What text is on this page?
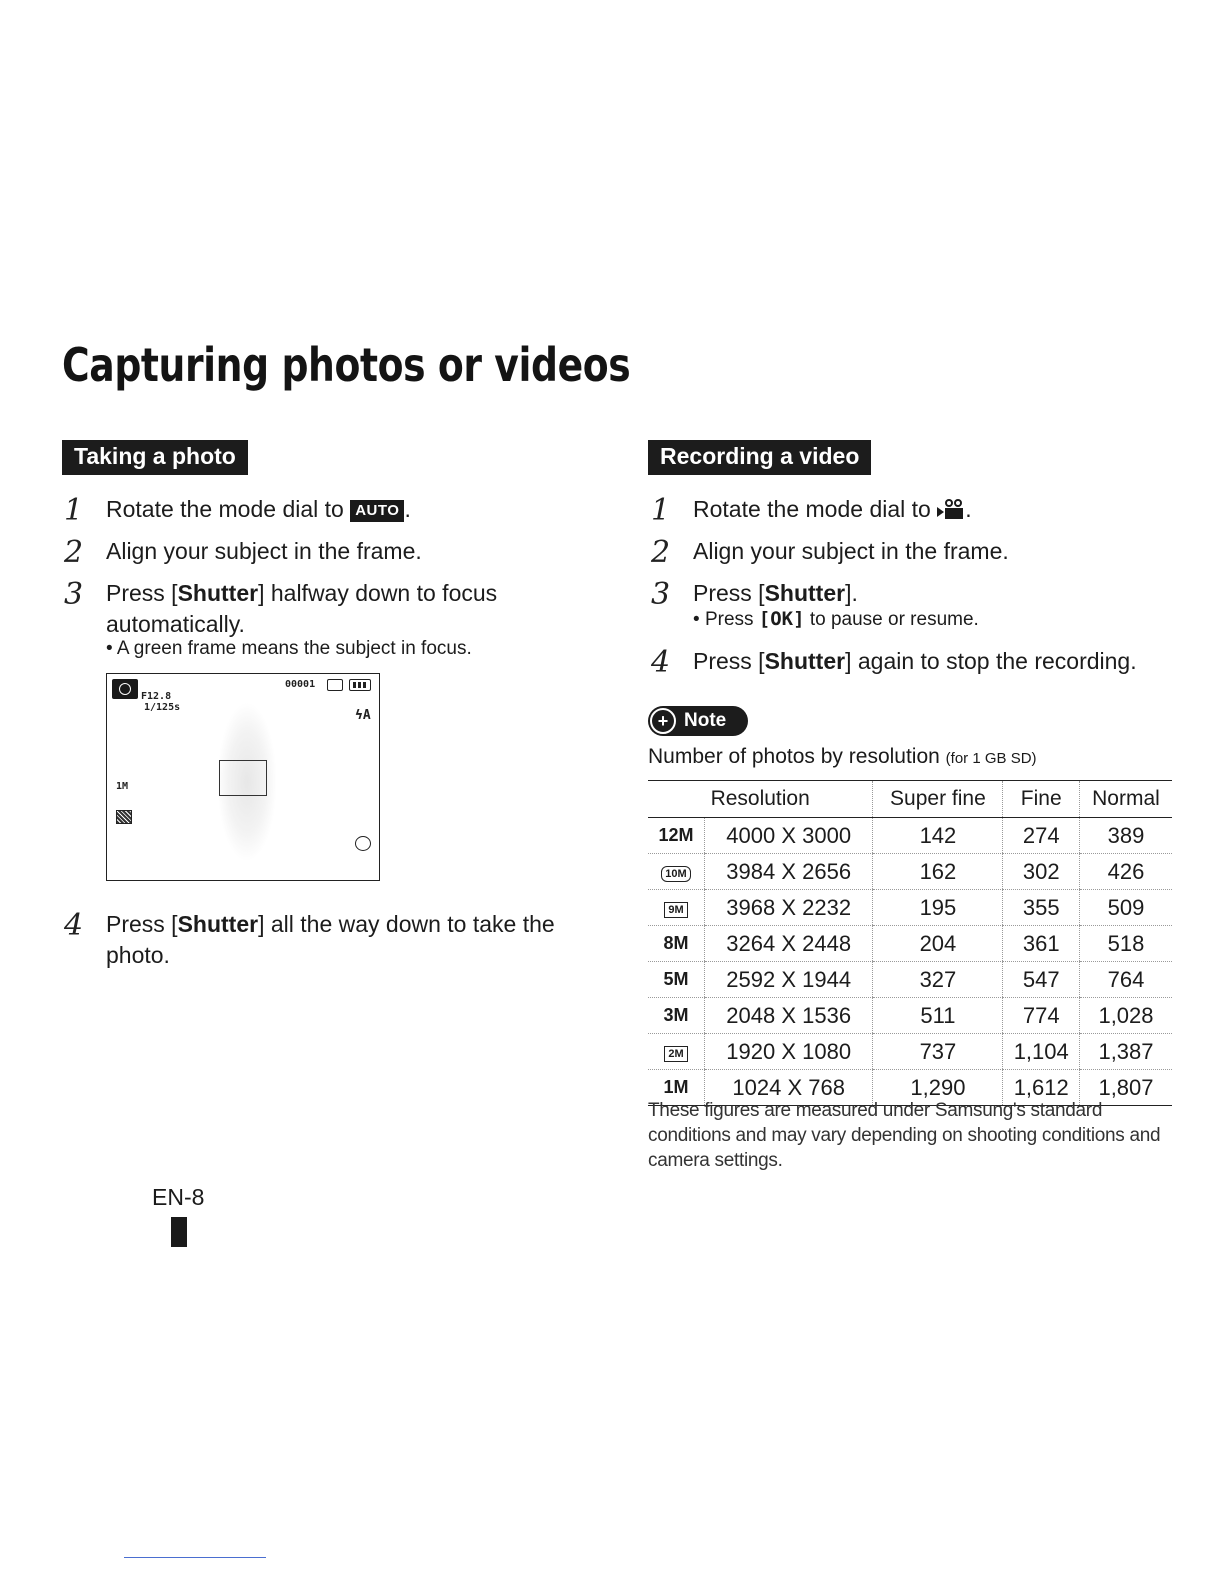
Capturing photos or videos
Taking a photo
1 Rotate the mode dial to AUTO .
2 Align your subject in the frame.
3 Press [Shutter] halfway down to focus automatically.
• A green frame means the subject in focus.
F12.8
1/125s
00001
ϟA
1M
4 Press [Shutter] all the way down to take the photo.
EN-8
Recording a video
1 Rotate the mode dial to
.
2 Align your subject in the frame.
3 Press [Shutter].
• Press [OK] to pause or resume.
4 Press [Shutter] again to stop the recording.
+ Note
Number of photos by resolution (for 1 GB SD)
Resolution		Super fine	Fine	Normal
12M	4000 X 3000	142	274	389
10M	3984 X 2656	162	302	426
9M	3968 X 2232	195	355	509
8M	3264 X 2448	204	361	518
5M	2592 X 1944	327	547	764
3M	2048 X 1536	511	774	1,028
2M	1920 X 1080	737	1,104	1,387
1M	1024 X 768	1,290	1,612	1,807
These figures are measured under Samsung's standard conditions and may vary depending on shooting conditions and camera settings.
